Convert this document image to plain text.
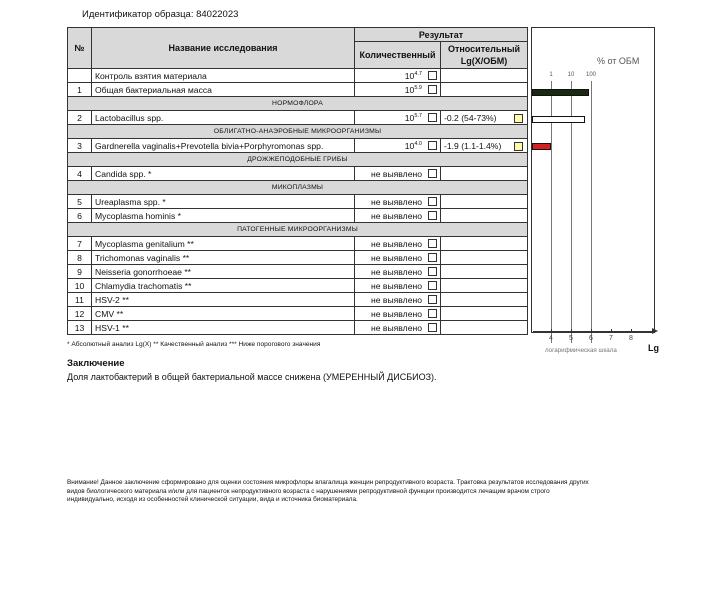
Идентификатор образца: 84022023
№	Название исследования	Результат	
		Количественный	Относительный Lg(X/ОБМ)
	Контроль взятия материала	$10^{4.7}$	
1	Общая бактериальная масса	$10^{5.9}$	
НОРМОФЛОРА			
2	Lactobacillus spp.	$10^{5.7}$	-0.2 (54-73%)

ОБЛИГАТНО-АНАЭРОБНЫЕ МИКРООРГАНИЗМЫ			
3	Gardnerella vaginalis+Prevotella bivia+Porphyromonas spp.	$10^{4.0}$	-1.9 (1.1-1.4%)

ДРОЖЖЕПОДОБНЫЕ ГРИБЫ			
4	Candida spp. *	не выявлено	
МИКОПЛАЗМЫ			
5	Ureaplasma spp. *	не выявлено	
6	Mycoplasma hominis *	не выявлено	
ПАТОГЕННЫЕ МИКРООРГАНИЗМЫ			
7	Mycoplasma genitalium **	не выявлено	
8	Trichomonas vaginalis **	не выявлено	
9	Neisseria gonorrhoeae **	не выявлено	
10	Chlamydia trachomatis **	не выявлено	
11	HSV-2 **	не выявлено	
12	CMV **	не выявлено	
13	HSV-1 **	не выявлено	
% от ОБМ
1 10 100
логарифмическая шкала	Lg
4 5 6 7 8
* Абсолютный анализ Lg(X) ** Качественный анализ *** Ниже порогового значения
Заключение
Доля лактобактерий в общей бактериальной массе снижена (УМЕРЕННЫЙ ДИСБИОЗ).
Внимание! Данное заключение сформировано для оценки состояния микрофлоры влагалища женщин репродуктивного возраста. Трактовка результатов исследования других видов биологического материала и/или для пациенток непродуктивного возраста с нарушениями репродуктивной функции производится лечащим врачом строго индивидуально, исходя из особенностей клинической ситуации, вида и источника биоматериала.
